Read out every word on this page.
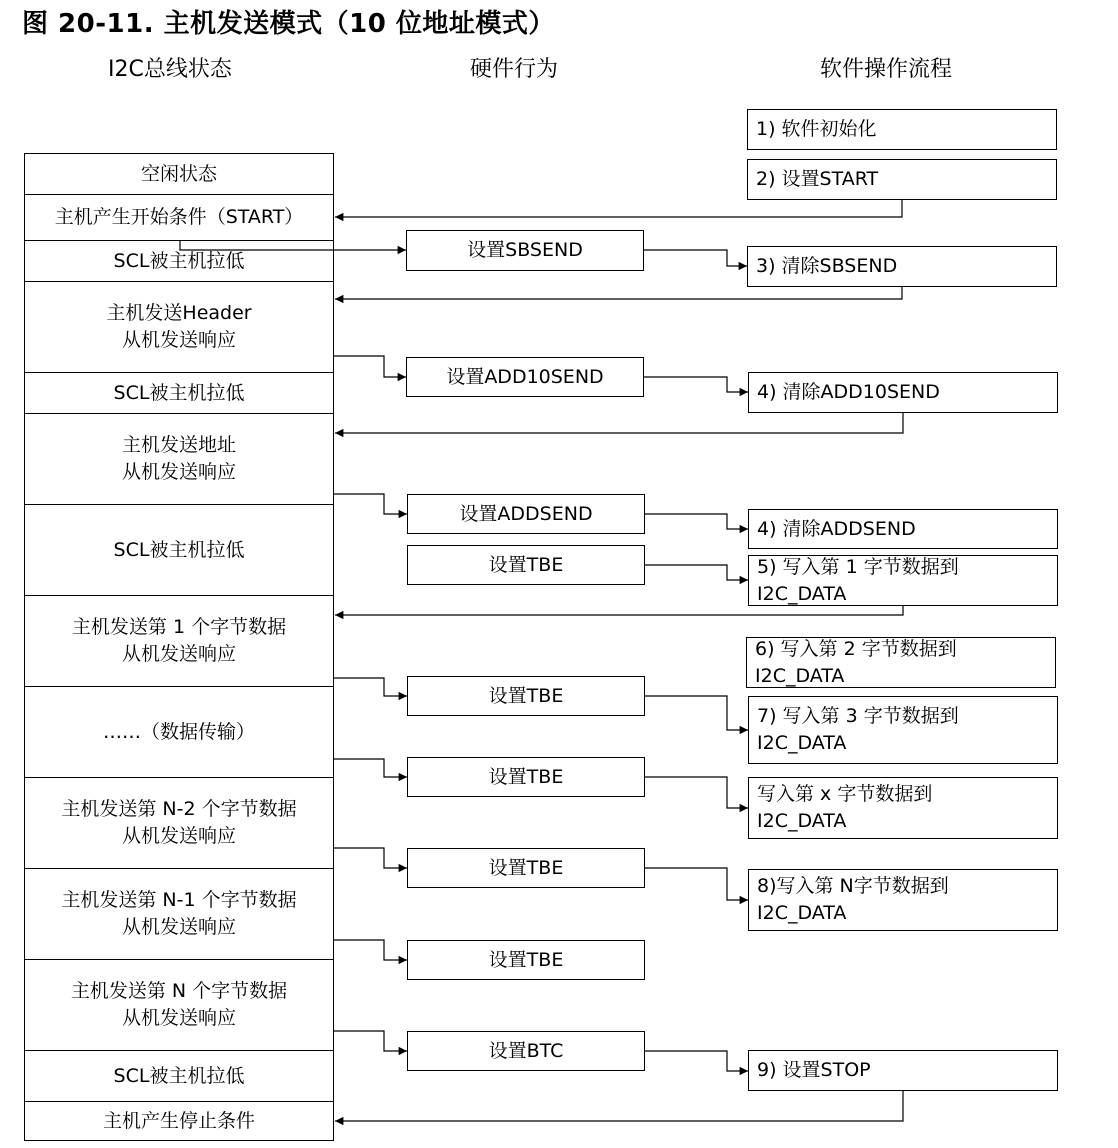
图 20-11. 主机发送模式（10 位地址模式）
I2C总线状态	硬件行为	软件操作流程
空闲状态
主机产生开始条件（START）
SCL被主机拉低
主机发送Header
从机发送响应
SCL被主机拉低
主机发送地址
从机发送响应
SCL被主机拉低
主机发送第 1 个字节数据
从机发送响应
……（数据传输）
主机发送第 N-2 个字节数据
从机发送响应
主机发送第 N-1 个字节数据
从机发送响应
主机发送第 N 个字节数据
从机发送响应
SCL被主机拉低
主机产生停止条件
设置SBSEND
设置ADD10SEND
设置ADDSEND
设置TBE
设置TBE
设置TBE
设置TBE
设置TBE
设置BTC
1) 软件初始化
2) 设置START
3) 清除SBSEND
4) 清除ADD10SEND
4) 清除ADDSEND
5) 写入第 1 字节数据到
I2C_DATA
6) 写入第 2 字节数据到
I2C_DATA
7) 写入第 3 字节数据到
I2C_DATA
写入第 x 字节数据到
I2C_DATA
8)写入第 N字节数据到
I2C_DATA
9) 设置STOP
